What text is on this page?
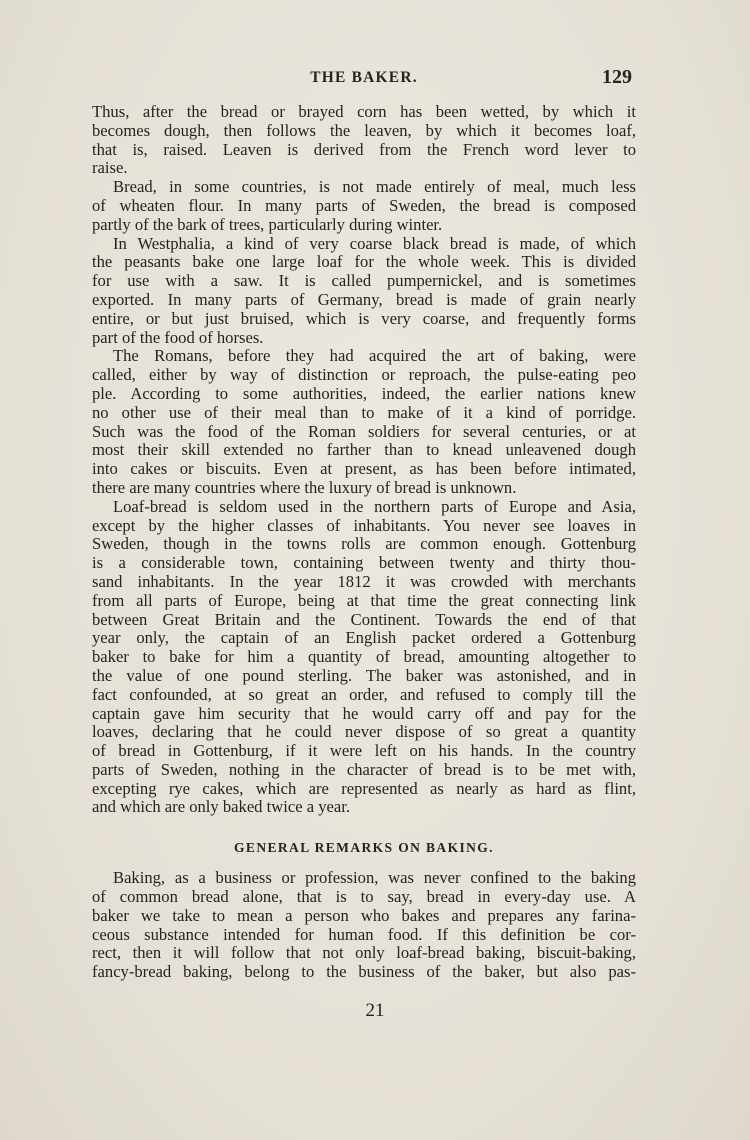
THE BAKER.	129
Thus, after the bread or brayed corn has been wetted, by which it
becomes dough, then follows the leaven, by which it becomes loaf,
that is, raised. Leaven is derived from the French word lever to
raise.
Bread, in some countries, is not made entirely of meal, much less
of wheaten flour. In many parts of Sweden, the bread is composed
partly of the bark of trees, particularly during winter.
In Westphalia, a kind of very coarse black bread is made, of which
the peasants bake one large loaf for the whole week. This is divided
for use with a saw. It is called pumpernickel, and is sometimes
exported. In many parts of Germany, bread is made of grain nearly
entire, or but just bruised, which is very coarse, and frequently forms
part of the food of horses.
The Romans, before they had acquired the art of baking, were
called, either by way of distinction or reproach, the pulse-eating peo
ple. According to some authorities, indeed, the earlier nations knew
no other use of their meal than to make of it a kind of porridge.
Such was the food of the Roman soldiers for several centuries, or at
most their skill extended no farther than to knead unleavened dough
into cakes or biscuits. Even at present, as has been before intimated,
there are many countries where the luxury of bread is unknown.
Loaf-bread is seldom used in the northern parts of Europe and Asia,
except by the higher classes of inhabitants. You never see loaves in
Sweden, though in the towns rolls are common enough. Gottenburg
is a considerable town, containing between twenty and thirty thou-
sand inhabitants. In the year 1812 it was crowded with merchants
from all parts of Europe, being at that time the great connecting link
between Great Britain and the Continent. Towards the end of that
year only, the captain of an English packet ordered a Gottenburg
baker to bake for him a quantity of bread, amounting altogether to
the value of one pound sterling. The baker was astonished, and in
fact confounded, at so great an order, and refused to comply till the
captain gave him security that he would carry off and pay for the
loaves, declaring that he could never dispose of so great a quantity
of bread in Gottenburg, if it were left on his hands. In the country
parts of Sweden, nothing in the character of bread is to be met with,
excepting rye cakes, which are represented as nearly as hard as flint,
and which are only baked twice a year.
GENERAL REMARKS ON BAKING.
Baking, as a business or profession, was never confined to the baking
of common bread alone, that is to say, bread in every-day use. A
baker we take to mean a person who bakes and prepares any farina-
ceous substance intended for human food. If this definition be cor-
rect, then it will follow that not only loaf-bread baking, biscuit-baking,
fancy-bread baking, belong to the business of the baker, but also pas-
21
